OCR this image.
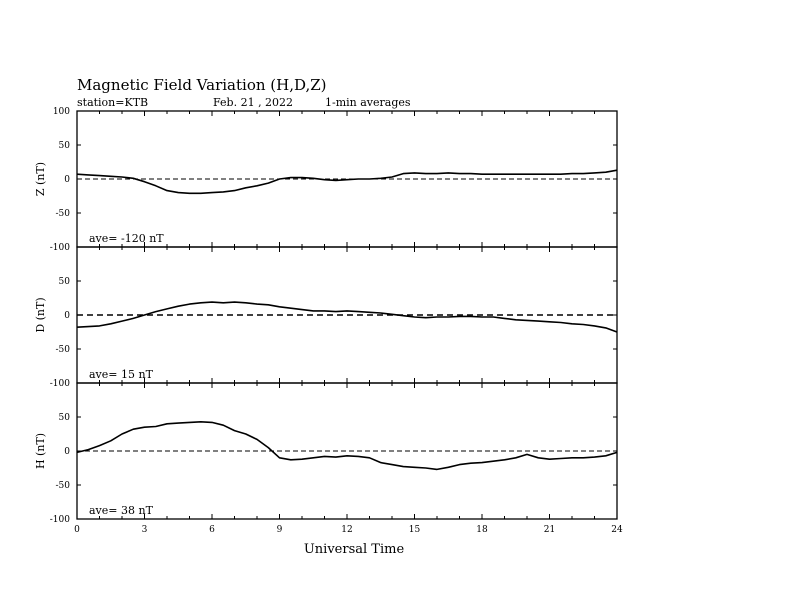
Magnetic Field Variation (H,D,Z)
station=KTB	Feb. 21 , 2022	1-min averages
100
50
0
-50
-100
Z (nT)
ave= -120 nT
50
0
-50
-100
D (nT)
ave= 15 nT
50
0
-50
-100
H (nT)
ave= 38 nT
0	3	6	9	12	15	18	21	24
Universal Time
